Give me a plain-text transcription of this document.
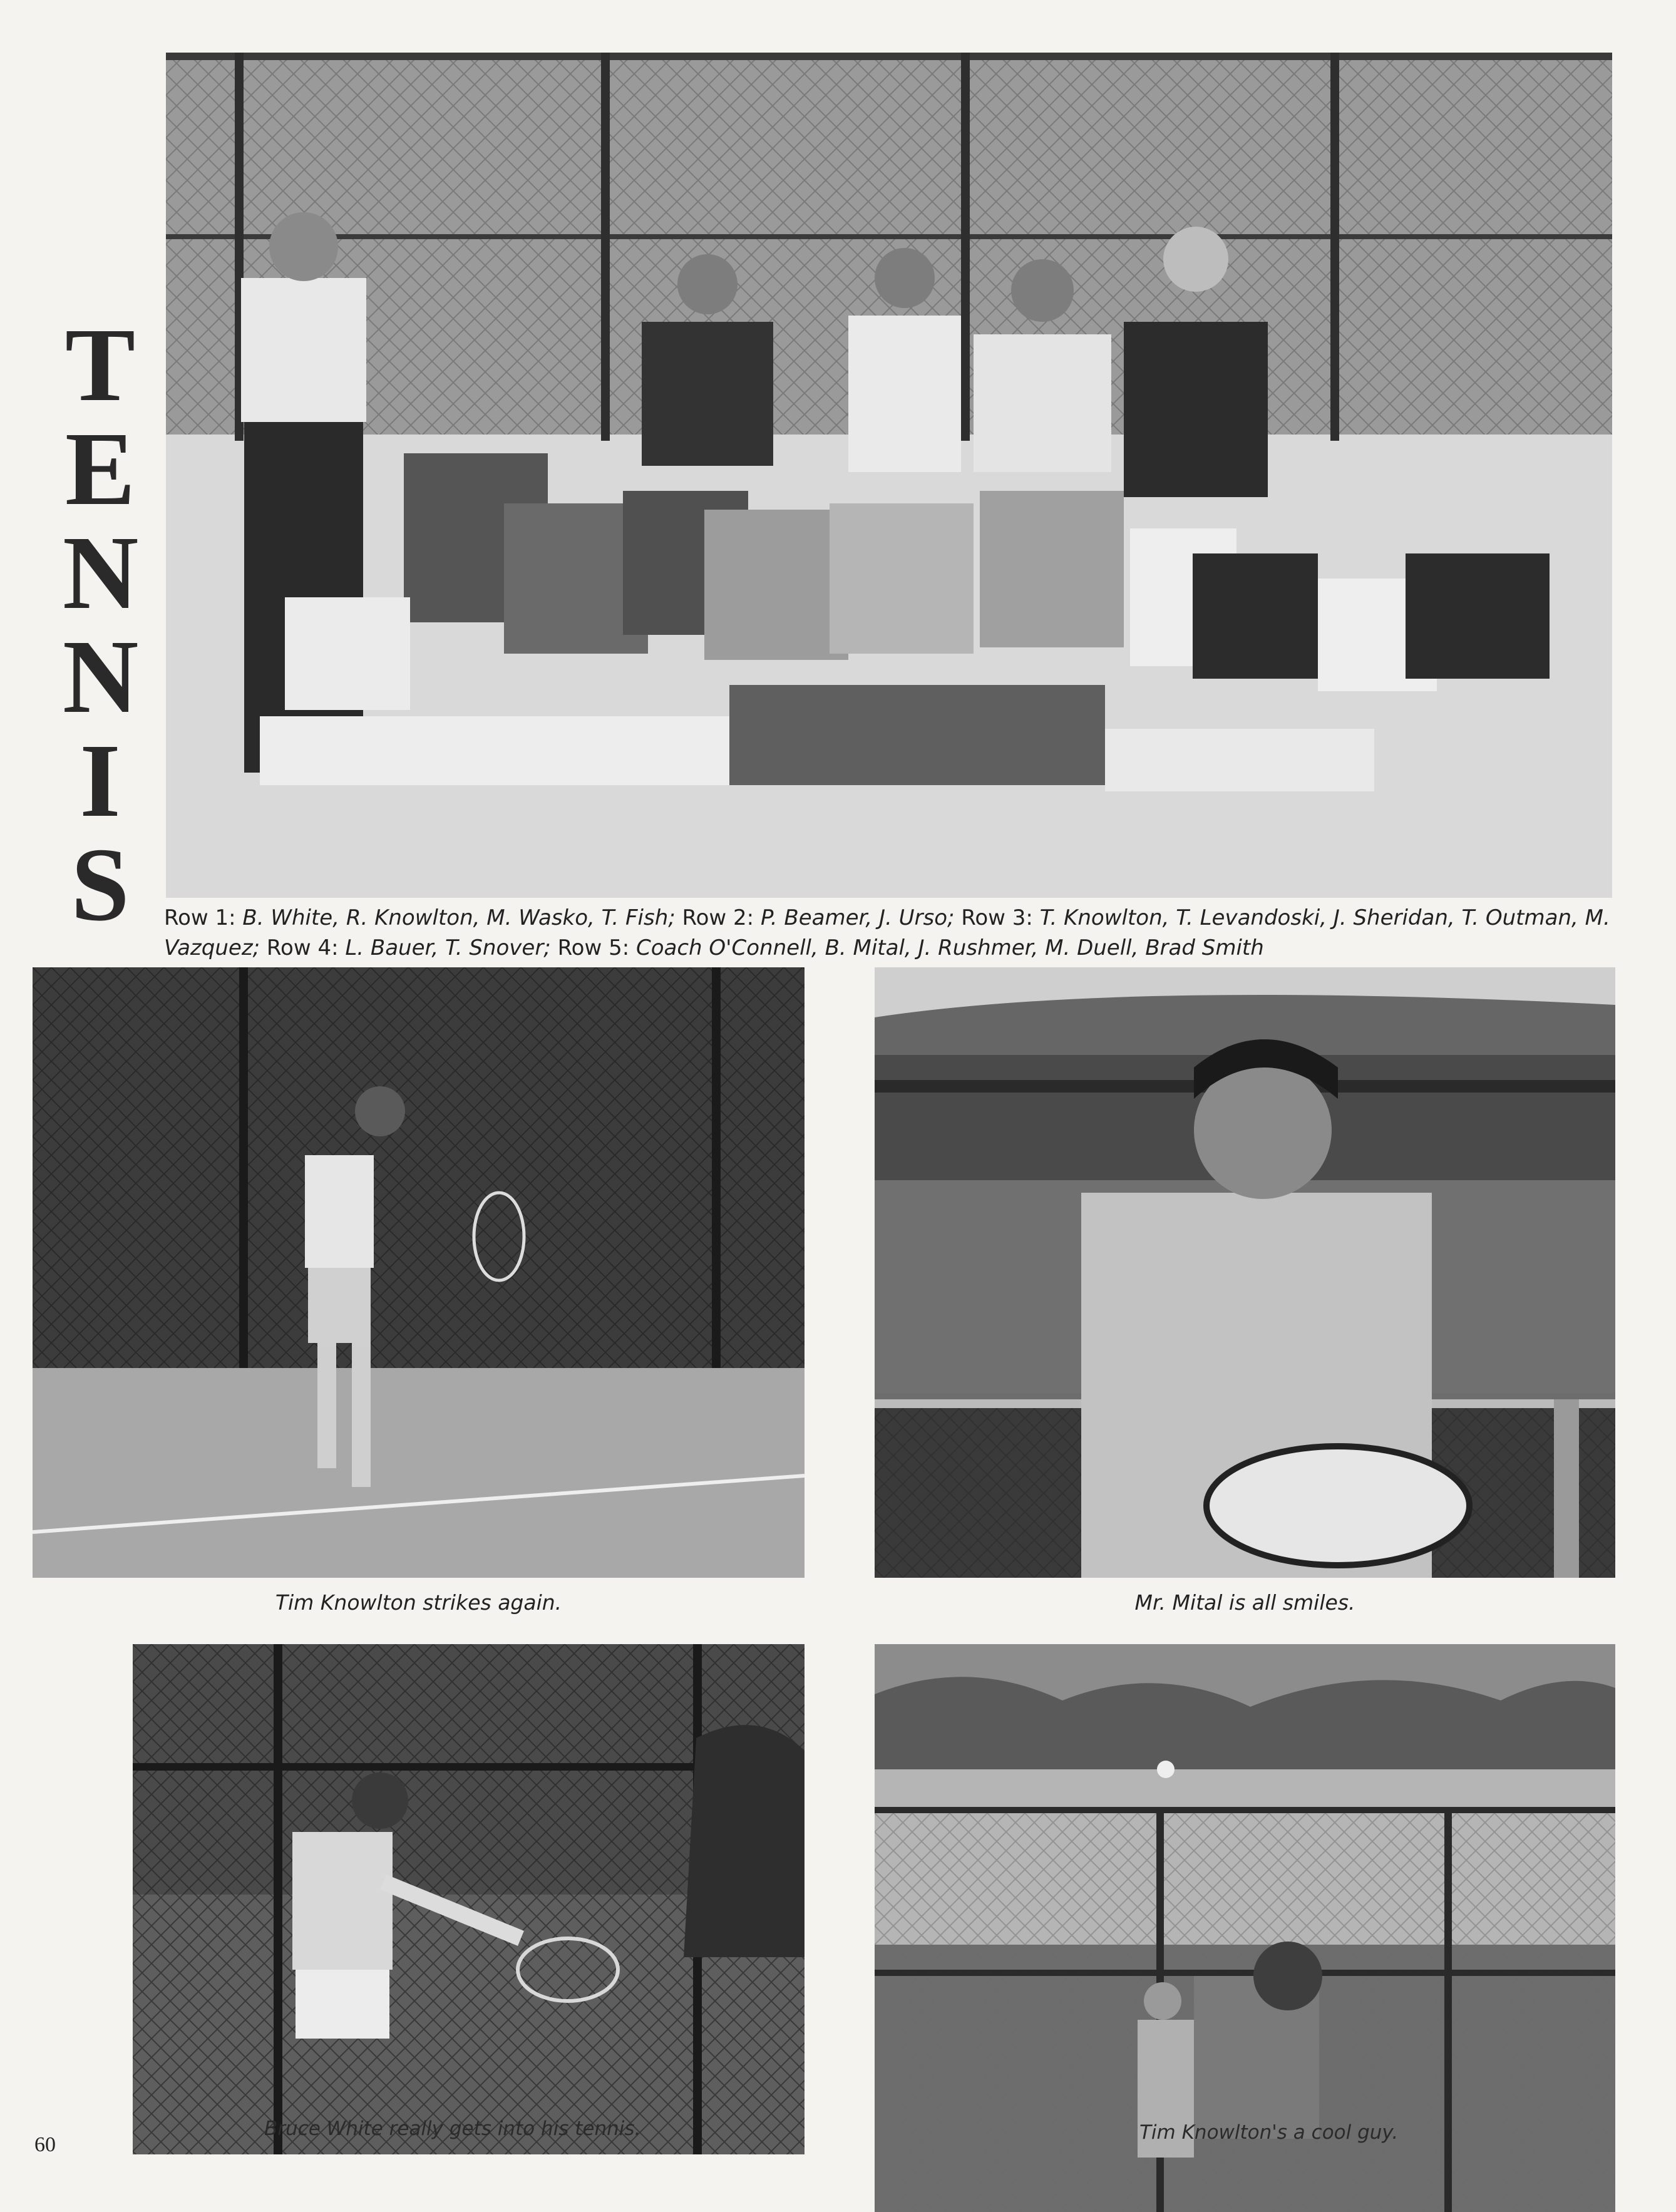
T
E
N
N
I
S	Row 1: B. White, R. Knowlton, M. Wasko, T. Fish; Row 2: P. Beamer, J. Urso; Row 3: T. Knowlton, T. Levandoski, J. Sheridan, T. Outman, M. Vazquez; Row 4: L. Bauer, T. Snover; Row 5: Coach O'Connell, B. Mital, J. Rushmer, M. Duell, Brad Smith
Tim Knowlton strikes again.	Mr. Mital is all smiles.
Bruce White really gets into his tennis.	Tim Knowlton's a cool guy.
60
